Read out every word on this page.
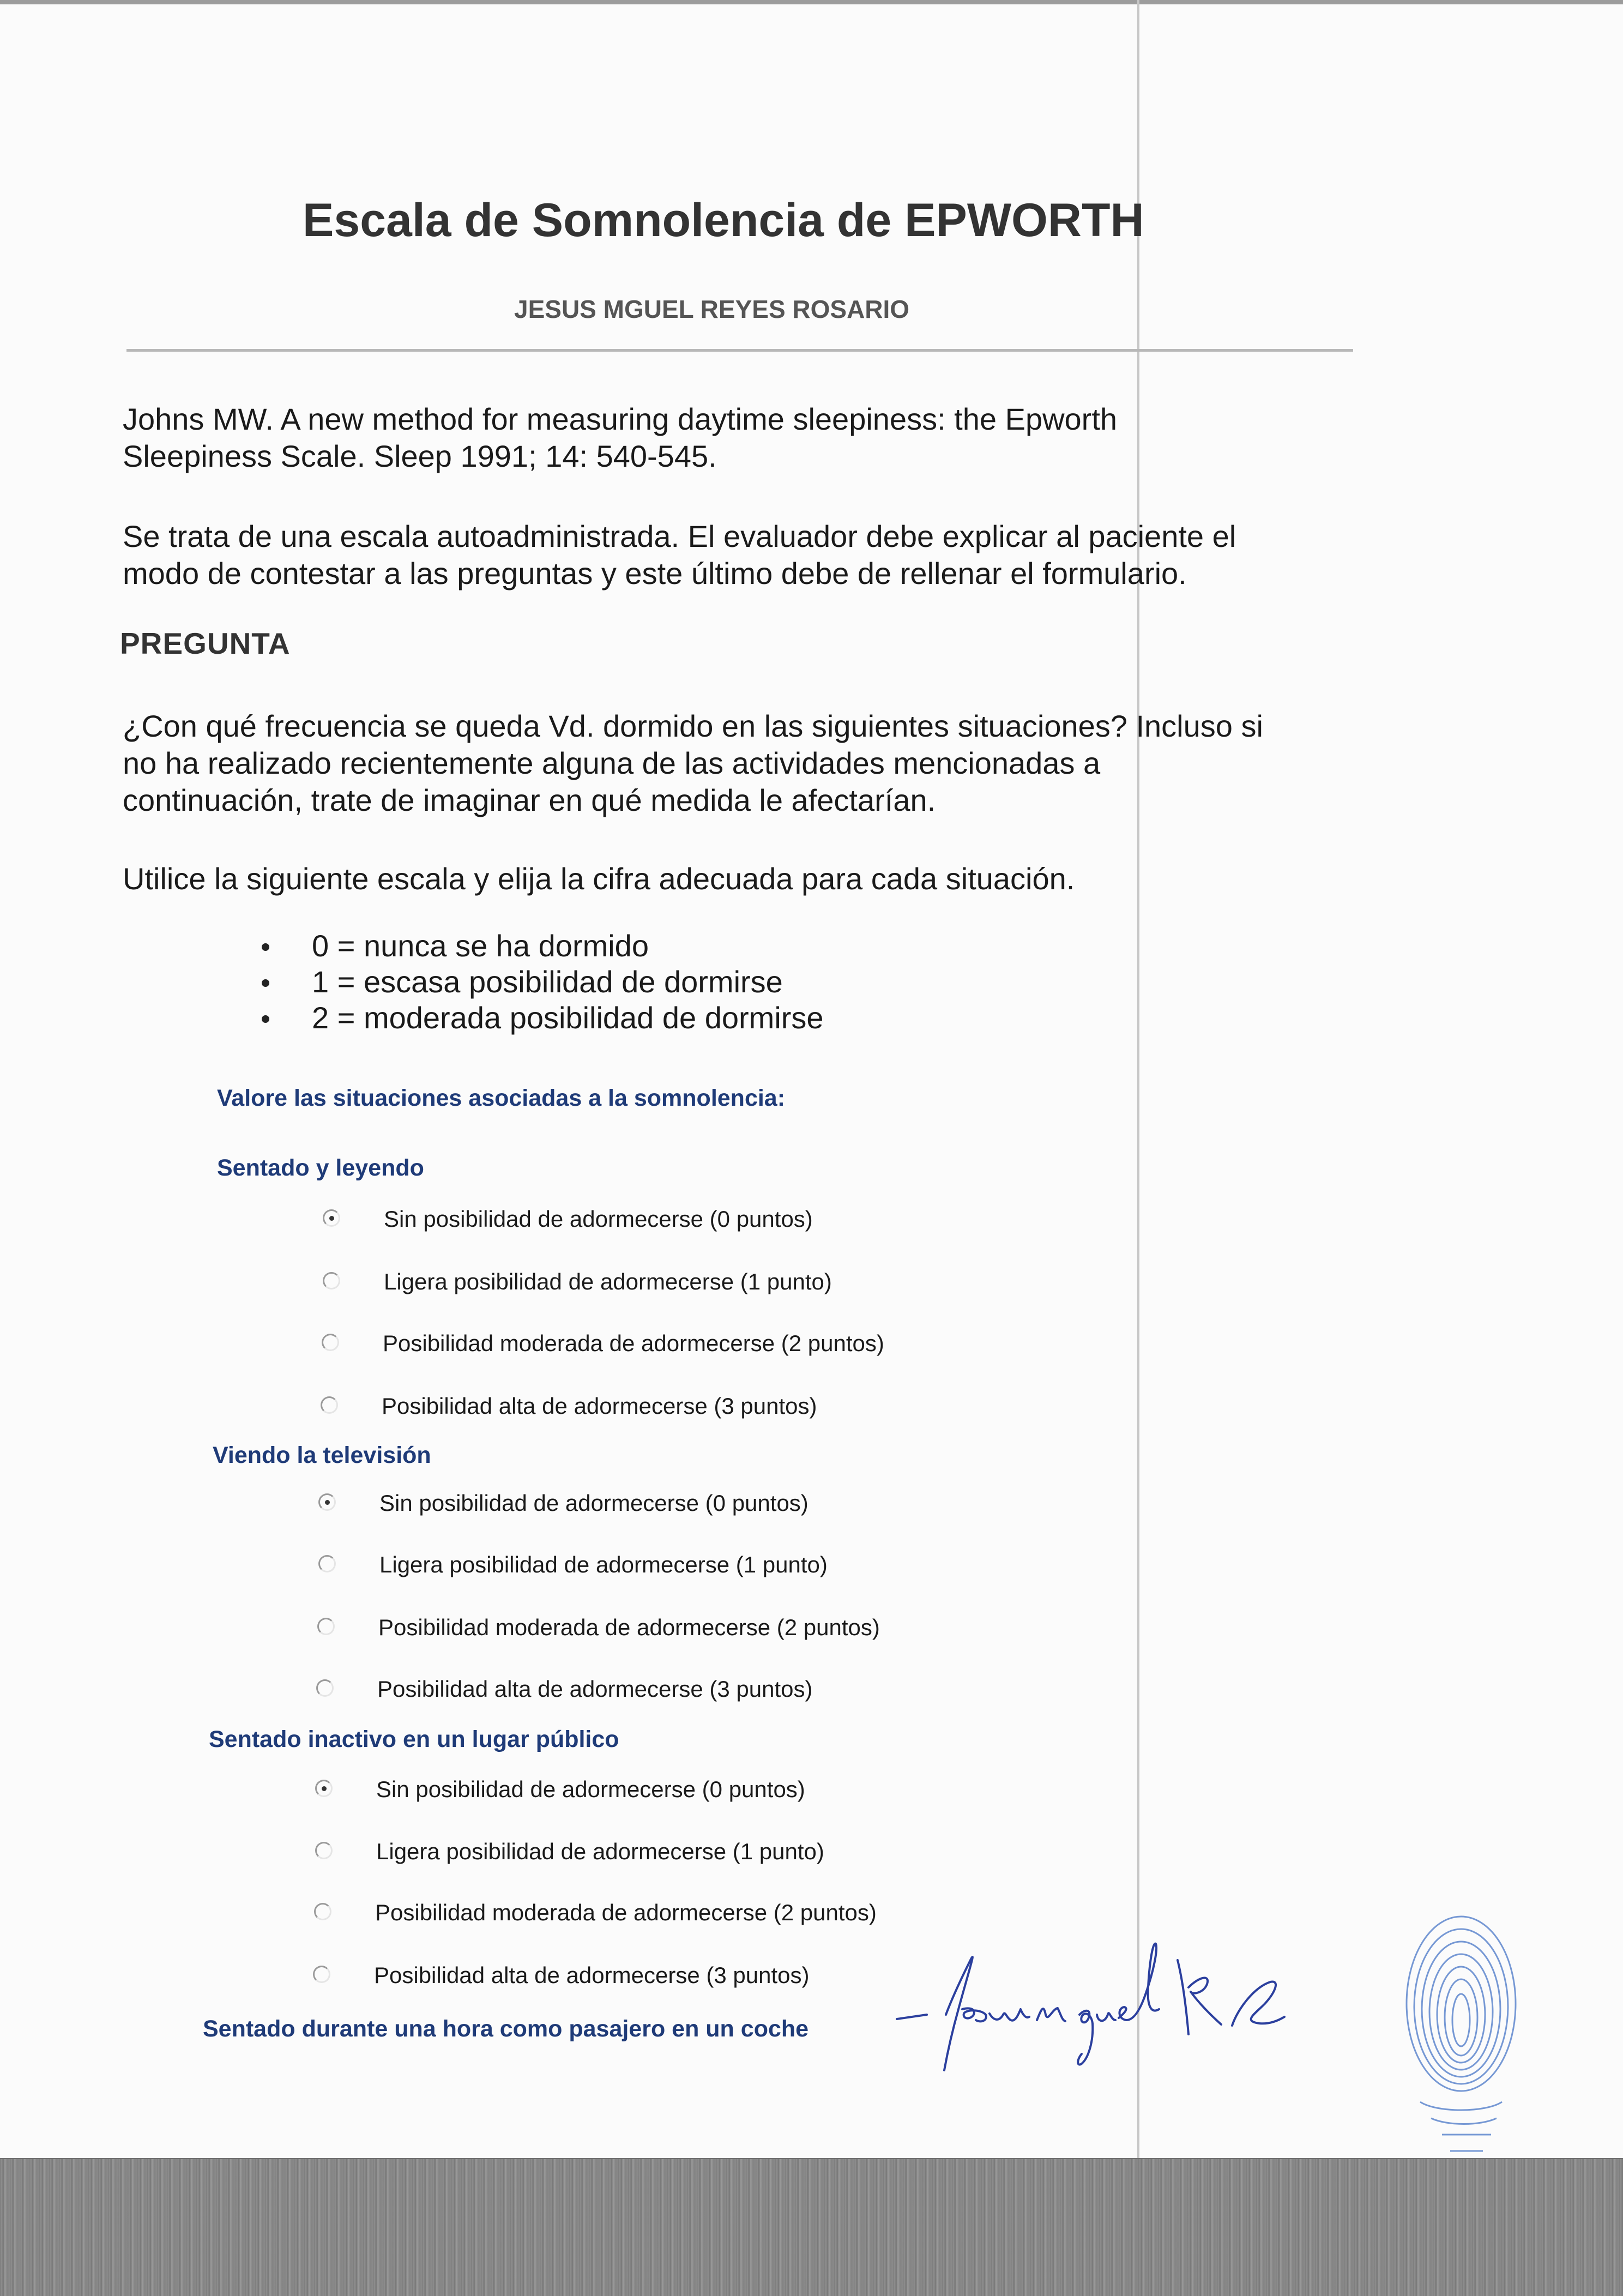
Escala de Somnolencia de EPWORTH
JESUS MGUEL REYES ROSARIO

Johns MW. A new method for measuring daytime sleepiness: the Epworth
Sleepiness Scale. Sleep 1991; 14: 540-545.

Se trata de una escala autoadministrada. El evaluador debe explicar al paciente el
modo de contestar a las preguntas y este último debe de rellenar el formulario.

PREGUNTA

¿Con qué frecuencia se queda Vd. dormido en las siguientes situaciones? Incluso si
no ha realizado recientemente alguna de las actividades mencionadas a
continuación, trate de imaginar en qué medida le afectarían.

Utilice la siguiente escala y elija la cifra adecuada para cada situación.

0 = nunca se ha dormido
1 = escasa posibilidad de dormirse
2 = moderada posibilidad de dormirse
Valore las situaciones asociadas a la somnolencia:
Sentado y leyendo
Sin posibilidad de adormecerse (0 puntos)
Ligera posibilidad de adormecerse (1 punto)
Posibilidad moderada de adormecerse (2 puntos)
Posibilidad alta de adormecerse (3 puntos)
Viendo la televisión
Sin posibilidad de adormecerse (0 puntos)
Ligera posibilidad de adormecerse (1 punto)
Posibilidad moderada de adormecerse (2 puntos)
Posibilidad alta de adormecerse (3 puntos)
Sentado inactivo en un lugar público
Sin posibilidad de adormecerse (0 puntos)
Ligera posibilidad de adormecerse (1 punto)
Posibilidad moderada de adormecerse (2 puntos)
Posibilidad alta de adormecerse (3 puntos)
Sentado durante una hora como pasajero en un coche
